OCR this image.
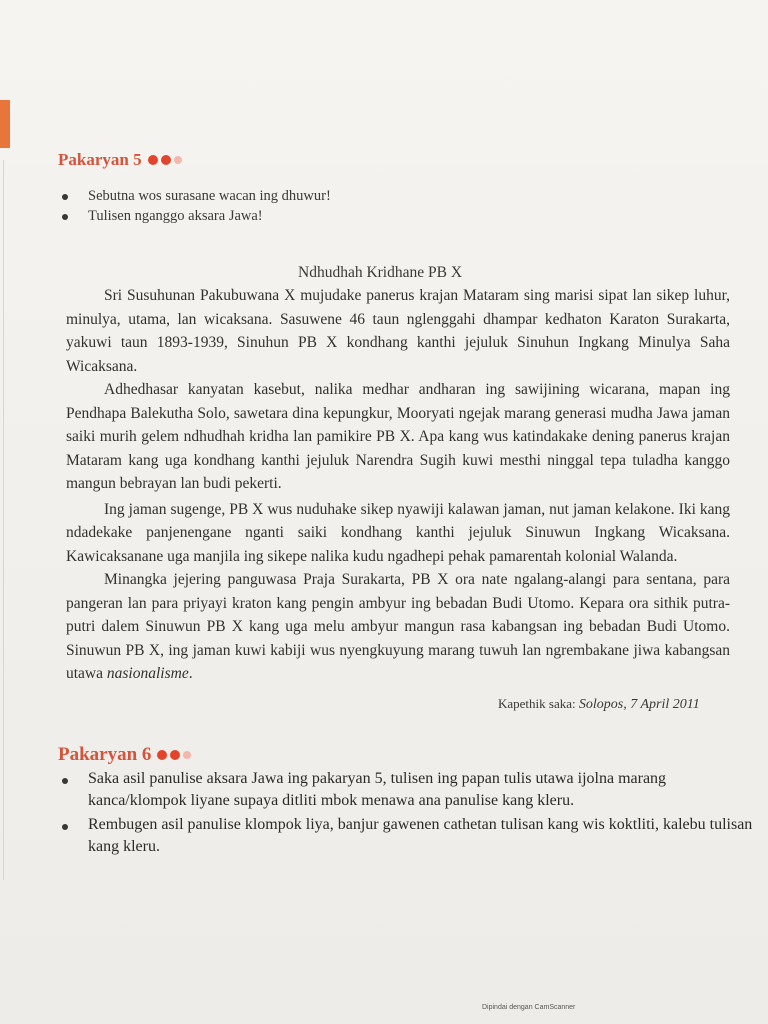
Pakaryan 5
Sebutna wos surasane wacan ing dhuwur!
Tulisen nganggo aksara Jawa!
Ndhudhah Kridhane PB X

Sri Susuhunan Pakubuwana X mujudake panerus krajan Mataram sing marisi sipat lan sikep luhur, minulya, utama, lan wicaksana. Sasuwene 46 taun nglenggahi dhampar kedhaton Karaton Surakarta, yakuwi taun 1893-1939, Sinuhun PB X kondhang kanthi jejuluk Sinuhun Ingkang Minulya Saha Wicaksana.

Adhedhasar kanyatan kasebut, nalika medhar andharan ing sawijining wicarana, mapan ing Pendhapa Balekutha Solo, sawetara dina kepungkur, Mooryati ngejak marang generasi mudha Jawa jaman saiki murih gelem ndhudhah kridha lan pamikire PB X. Apa kang wus katindakake dening panerus krajan Mataram kang uga kondhang kanthi jejuluk Narendra Sugih kuwi mesthi ninggal tepa tuladha kanggo mangun bebrayan lan budi pekerti.

Ing jaman sugenge, PB X wus nuduhake sikep nyawiji kalawan jaman, nut jaman kelakone. Iki kang ndadekake panjenengane nganti saiki kondhang kanthi jejuluk Sinuwun Ingkang Wicaksana. Kawicaksanane uga manjila ing sikepe nalika kudu ngadhepi pehak pamarentah kolonial Walanda.

Minangka jejering panguwasa Praja Surakarta, PB X ora nate ngalang-alangi para sentana, para pangeran lan para priyayi kraton kang pengin ambyur ing bebadan Budi Utomo. Kepara ora sithik putra-putri dalem Sinuwun PB X kang uga melu ambyur mangun rasa kabangsan ing bebadan Budi Utomo. Sinuwun PB X, ing jaman kuwi kabiji wus nyengkuyung marang tuwuh lan ngrembakane jiwa kabangsan utawa nasionalisme.

Kapethik saka: Solopos, 7 April 2011
Pakaryan 6
Saka asil panulise aksara Jawa ing pakaryan 5, tulisen ing papan tulis utawa ijolna marang kanca/klompok liyane supaya ditliti mbok menawa ana panulise kang kleru.
Rembugen asil panulise klompok liya, banjur gawenen cathetan tulisan kang wis koktliti, kalebu tulisan kang kleru.
Dipindai dengan CamScanner
